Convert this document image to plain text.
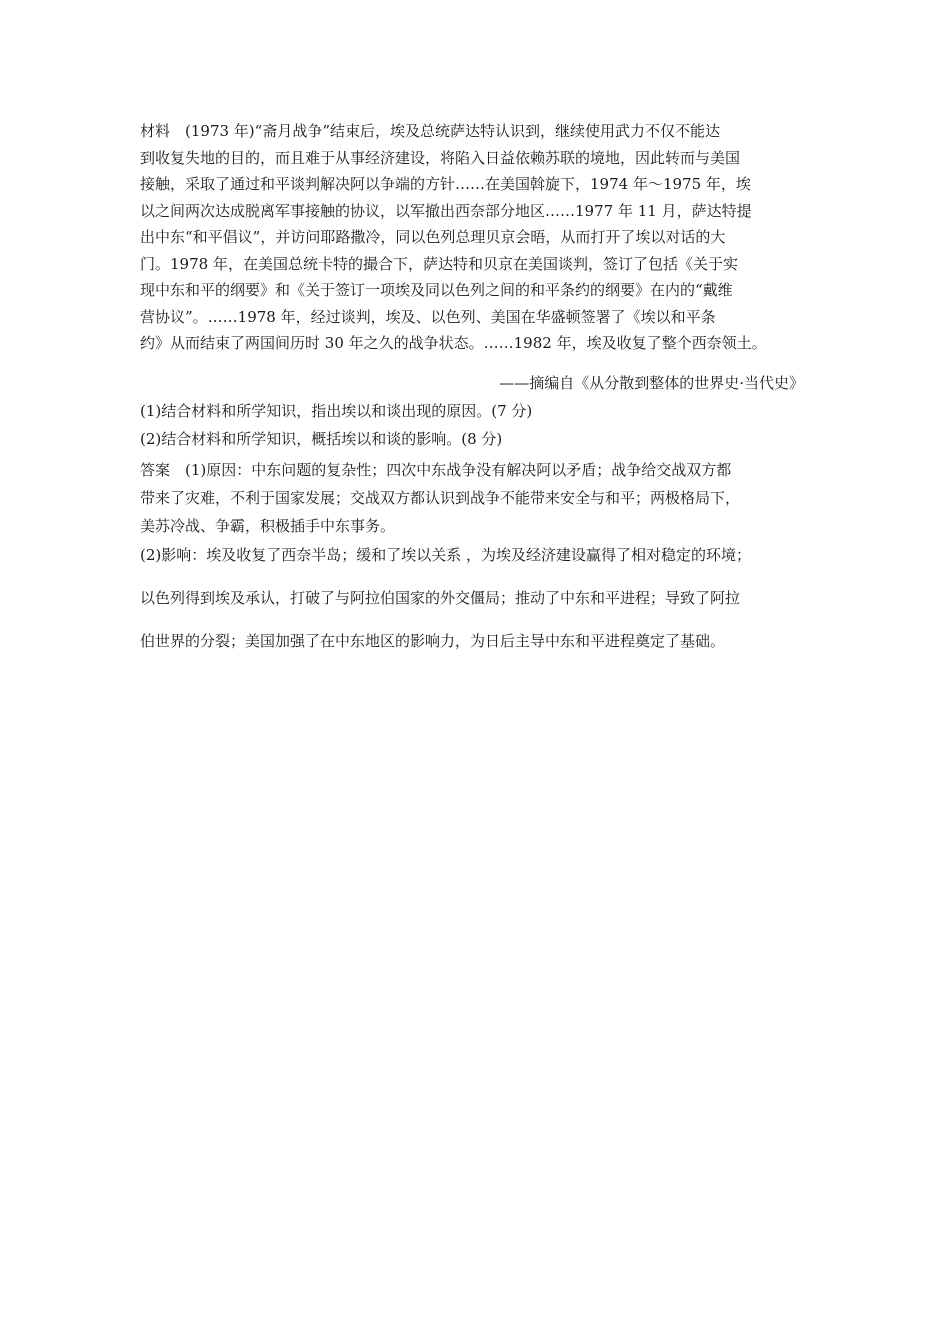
材料　(1973 年)“斋月战争”结束后，埃及总统萨达特认识到，继续使用武力不仅不能达
到收复失地的目的，而且难于从事经济建设，将陷入日益依赖苏联的境地，因此转而与美国
接触，采取了通过和平谈判解决阿以争端的方针……在美国斡旋下，1974 年～1975 年，埃
以之间两次达成脱离军事接触的协议，以军撤出西奈部分地区……1977 年 11 月，萨达特提
出中东“和平倡议”，并访问耶路撒冷，同以色列总理贝京会晤，从而打开了埃以对话的大
门。1978 年，在美国总统卡特的撮合下，萨达特和贝京在美国谈判，签订了包括《关于实
现中东和平的纲要》和《关于签订一项埃及同以色列之间的和平条约的纲要》在内的“戴维
营协议”。……1978 年，经过谈判，埃及、以色列、美国在华盛顿签署了《埃以和平条
约》从而结束了两国间历时 30 年之久的战争状态。……1982 年，埃及收复了整个西奈领土。
——摘编自《从分散到整体的世界史·当代史》
(1)结合材料和所学知识，指出埃以和谈出现的原因。(7 分)
(2)结合材料和所学知识，概括埃以和谈的影响。(8 分)
答案　(1)原因：中东问题的复杂性；四次中东战争没有解决阿以矛盾；战争给交战双方都
带来了灾难，不利于国家发展；交战双方都认识到战争不能带来安全与和平；两极格局下，
美苏冷战、争霸，积极插手中东事务。
(2)影响：埃及收复了西奈半岛；缓和了埃以关系 ，为埃及经济建设赢得了相对稳定的环境；
以色列得到埃及承认，打破了与阿拉伯国家的外交僵局；推动了中东和平进程；导致了阿拉
伯世界的分裂；美国加强了在中东地区的影响力，为日后主导中东和平进程奠定了基础。
